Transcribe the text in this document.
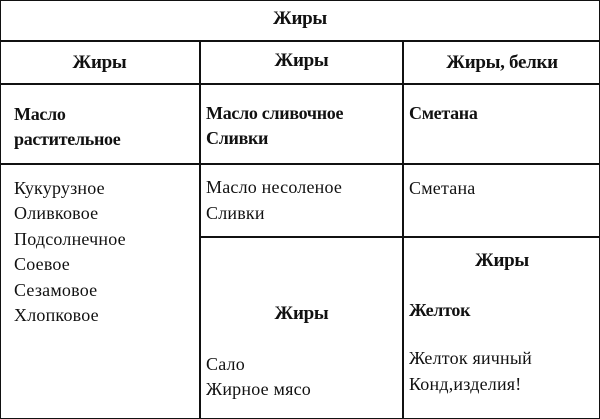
Жиры
Жиры	Жиры	Жиры, белки
Масло
растительное
Масло сливочное
Сливки
Сметана
Кукурузное
Оливковое
Подсолнечное
Соевое
Сезамовое
Хлопковое
Масло несоленое
Сливки
Сметана
Жиры
Сало
Жирное мясо
Жиры
Желток
Желток яичный
Конд,изделия!
